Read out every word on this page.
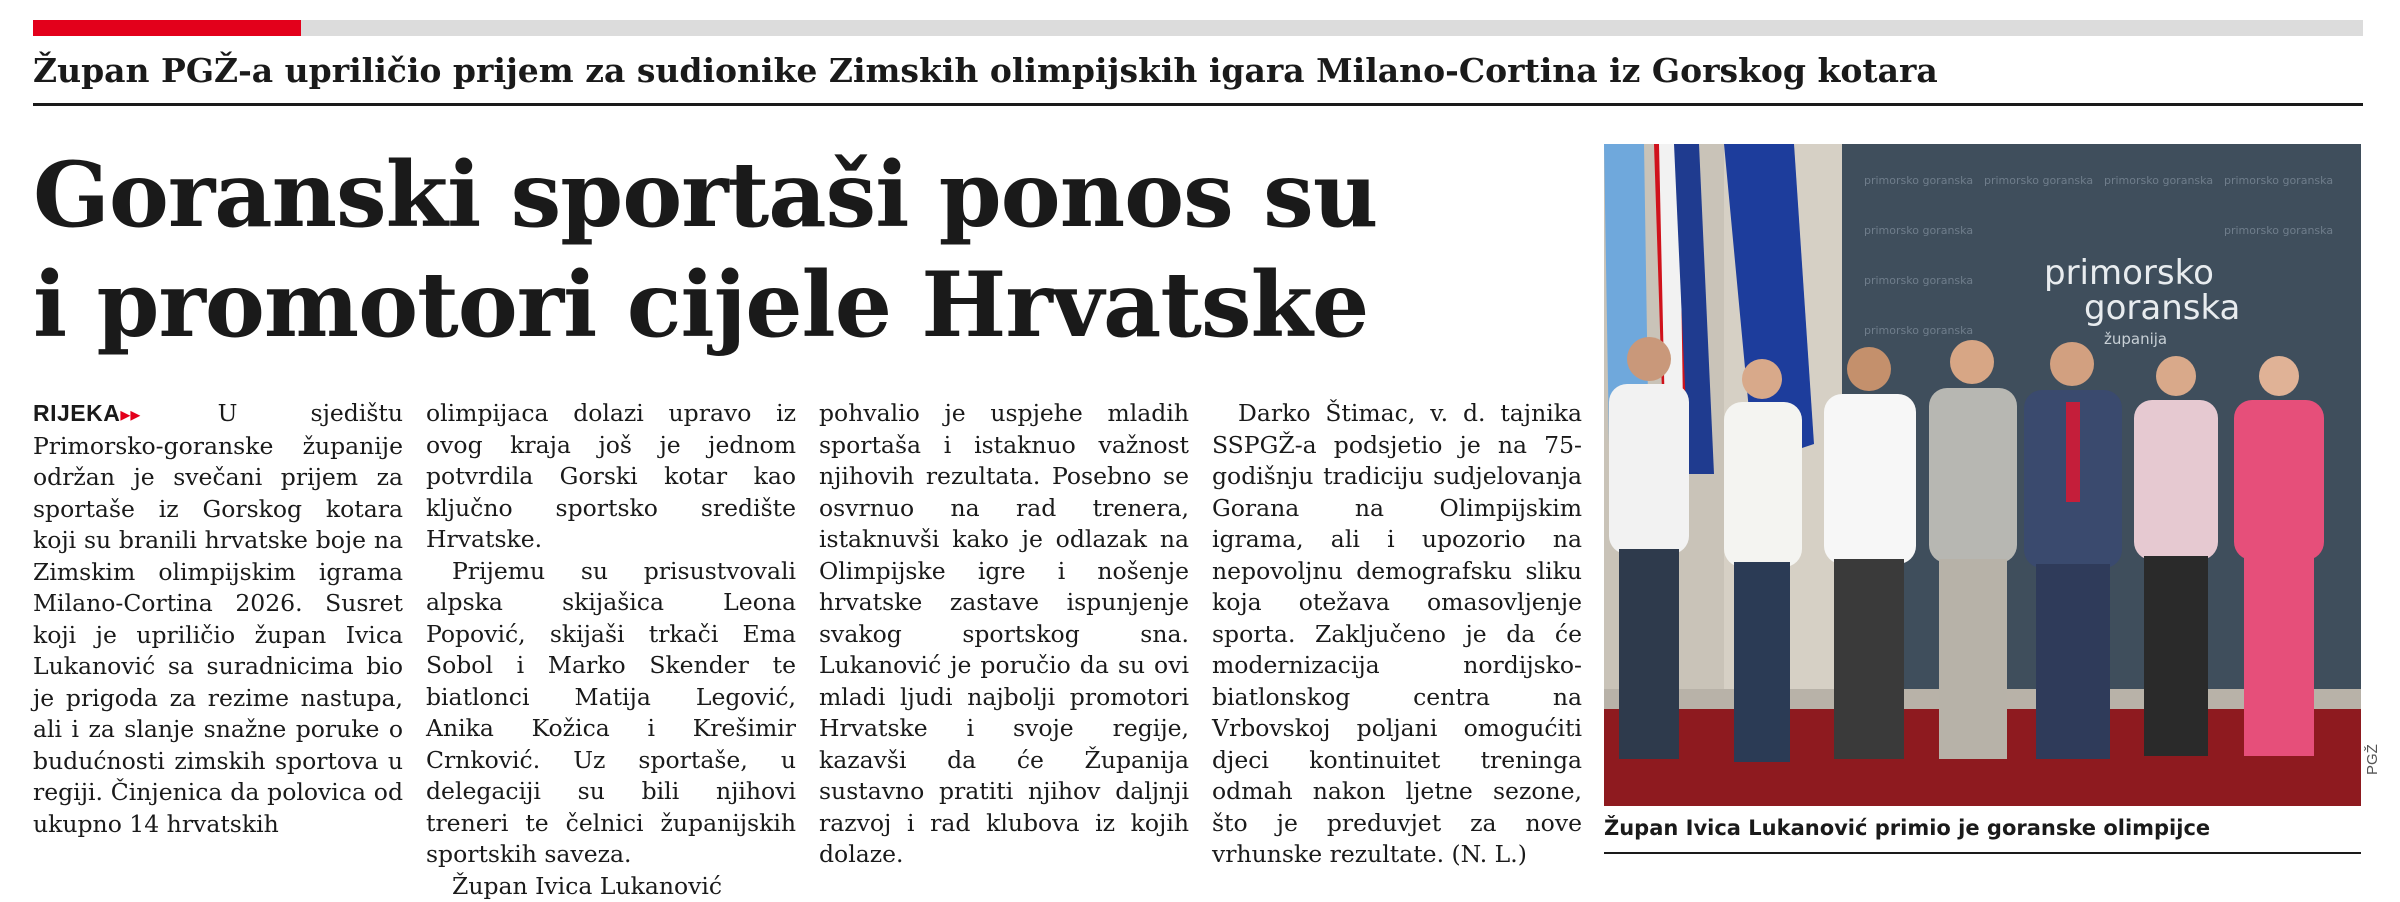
Župan PGŽ-a upriličio prijem za sudionike Zimskih olimpijskih igara Milano-Cortina iz Gorskog kotara
Goranski sportaši ponos su
i promotori cijele Hrvatske

RIJEKA▸▸	U sjedištu Primorsko-goranske županije održan je svečani prijem za sportaše iz Gorskog kotara koji su branili hrvatske boje na Zimskim olimpijskim igrama Milano-Cortina 2026. Susret koji je upriličio župan Ivica Lukanović sa suradnicima bio je prigoda za rezime nastupa, ali i za slanje snažne poruke o budućnosti zimskih sportova u regiji. Činjenica da polovica od ukupno 14 hrvatskih

olimpijaca dolazi upravo iz ovog kraja još je jednom potvrdila Gorski kotar kao ključno sportsko središte Hrvatske.

Prijemu su prisustvovali alpska skijašica Leona Popović, skijaši trkači Ema Sobol i Marko Skender te biatlonci Matija Legović, Anika Kožica i Krešimir Crnković. Uz sportaše, u delegaciji su bili njihovi treneri te čelnici županijskih sportskih saveza.

Župan Ivica Lukanović

pohvalio je uspjehe mladih sportaša i istaknuo važnost njihovih rezultata. Posebno se osvrnuo na rad trenera, istaknuvši kako je odlazak na Olimpijske igre i nošenje hrvatske zastave ispunjenje svakog sportskog sna. Lukanović je poručio da su ovi mladi ljudi najbolji promotori Hrvatske i svoje regije, kazavši da će Županija sustavno pratiti njihov daljnji razvoj i rad klubova iz kojih dolaze.

Darko Štimac, v. d. tajnika SSPGŽ-a podsjetio je na 75-godišnju tradiciju sudjelovanja Gorana na Olimpijskim igrama, ali i upozorio na nepovoljnu demografsku sliku koja otežava omasovljenje sporta. Zaključeno je da će modernizacija nordijsko-biatlonskog centra na Vrbovskoj poljani omogućiti djeci kontinuitet treninga odmah nakon ljetne sezone, što je preduvjet za nove vrhunske rezultate. (N. L.)

primorsko goranska primorsko goranska primorsko goranska primorsko goranska
primorsko goranska	primorsko goranska
primorsko goranska
primorsko goranska
primorsko
goranska
županija
PGŽ
Župan Ivica Lukanović primio je goranske olimpijce
